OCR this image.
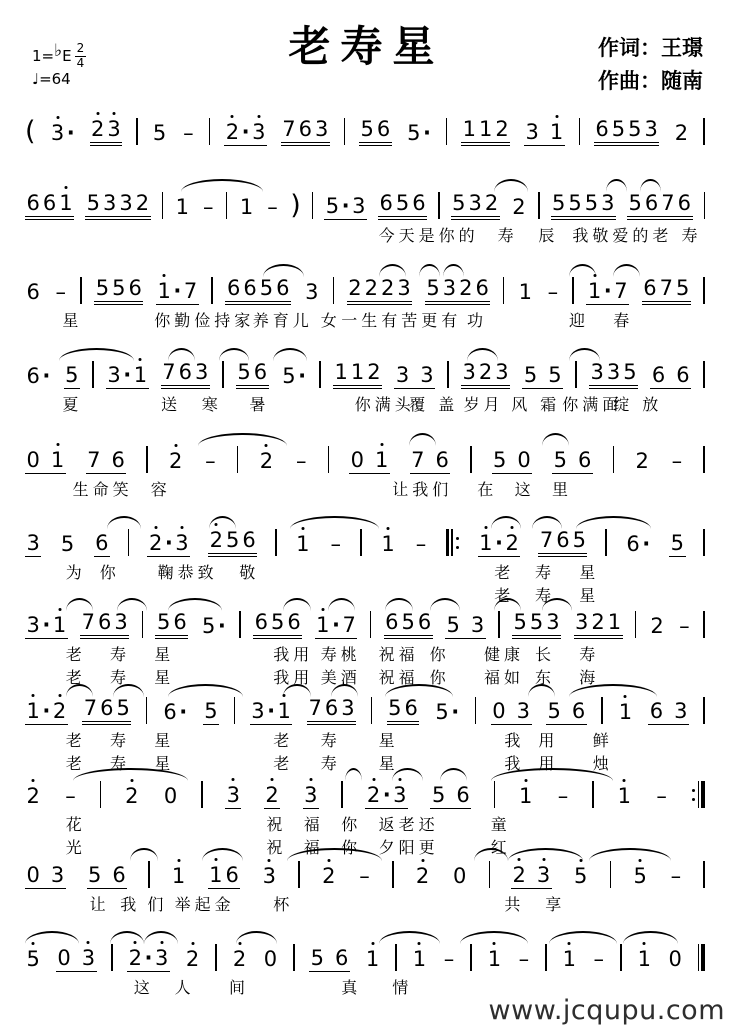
1= ♭ E $\frac{2}{4}$
♩=64
老寿星	作词：王璟
作曲：随南
( 3 · 2 3 5 – 2 · 3 7 6 3 5 6 5 · 1 1 2 3 1 6 5 5 3 2
6 6 1 5 3 3 2 1 – 1 – ) 5 · 3 6 5 6 5 3 2 2 5 5 5 3 5 6 7 6
今天是你的 寿 辰 我敬爱的老 寿
6 – 5 5 6 1 · 7 6 6 5 6 3 2 2 2 3 5 3 2 6 1 – 1 · 7 6 7 5
星	你勤俭持家
养育儿 女 一生有苦更有 功	迎 春
6 · 5 3 · 1 7 6 3 5 6 5 · 1 1 2 3 3 3 2 3 5 5 3 3 5 6 6
夏	送 寒 暑	你满头
覆 盖 岁月 风 霜 你满面
绽 放
0 1 7 6 2 – 2 – 0 1 7 6 5 0 5 6 2 –
生命笑 容	让我们 在 这 里
3 5 6 2 · 3 2 5 6 1 – 1 –	1 · 2 7 6 5 6 · 5
为 你 鞠恭致 敬	老 寿 星
老 寿 星
3 · 1 7 6 3 5 6 5 · 6 5 6 1 · 7 6 5 6 5 3 5 5 3 3 2 1 2 –
老 寿 星	我用 寿桃 祝福 你 健康 长 寿
老 寿 星	我用 美酒 祝福 你 福如 东 海
1 · 2 7 6 5 6 · 5 3 · 1 7 6 3 5 6 5 · 0 3 5 6 1 6 3
老 寿 星	老 寿 星	我 用 鲜
老 寿 星	老 寿 星	我 用 烛
2 – 2 0 3 2 3 2 · 3 5 6 1 – 1 –
花	祝 福 你 返老还	童
光	祝 福 你 夕阳更	红
0 3 5 6 1 1 6 3 2 – 2 0 2 3 5 5 –
让 我 们 举起金 杯	共 享
5 0 3 2 · 3 2 2 0 5 6 1 1 – 1 – 1 – 1 0
这 人 间	真 情
www.jcqupu.com
